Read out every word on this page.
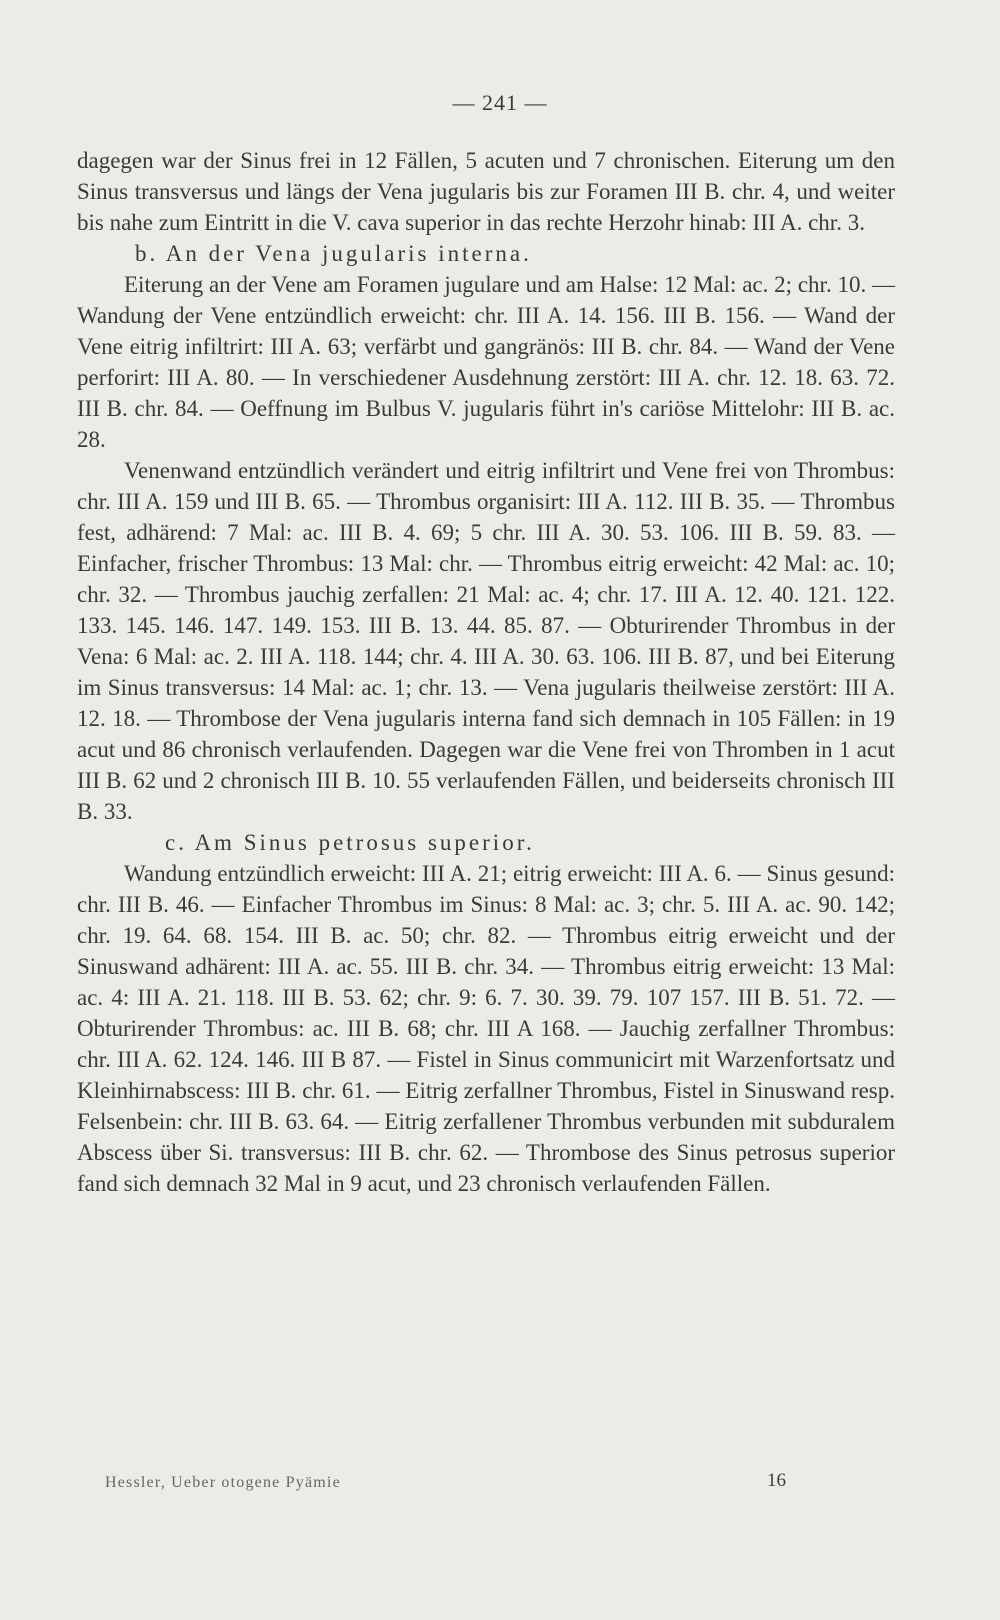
— 241 —

dagegen war der Sinus frei in 12 Fällen, 5 acuten und 7 chronischen. Eiterung um den Sinus transversus und längs der Vena jugularis bis zur Foramen III B. chr. 4, und weiter bis nahe zum Eintritt in die V. cava superior in das rechte Herzohr hinab: III A. chr. 3.

b. An der Vena jugularis interna.

Eiterung an der Vene am Foramen jugulare und am Halse: 12 Mal: ac. 2; chr. 10. — Wandung der Vene entzündlich erweicht: chr. III A. 14. 156. III B. 156. — Wand der Vene eitrig infiltrirt: III A. 63; verfärbt und gangränös: III B. chr. 84. — Wand der Vene perforirt: III A. 80. — In verschiedener Ausdehnung zerstört: III A. chr. 12. 18. 63. 72. III B. chr. 84. — Oeffnung im Bulbus V. jugularis führt in's cariöse Mittelohr: III B. ac. 28.

Venenwand entzündlich verändert und eitrig infiltrirt und Vene frei von Thrombus: chr. III A. 159 und III B. 65. — Thrombus organisirt: III A. 112. III B. 35. — Thrombus fest, adhärend: 7 Mal: ac. III B. 4. 69; 5 chr. III A. 30. 53. 106. III B. 59. 83. — Einfacher, frischer Thrombus: 13 Mal: chr. — Thrombus eitrig erweicht: 42 Mal: ac. 10; chr. 32. — Thrombus jauchig zerfallen: 21 Mal: ac. 4; chr. 17. III A. 12. 40. 121. 122. 133. 145. 146. 147. 149. 153. III B. 13. 44. 85. 87. — Obturirender Thrombus in der Vena: 6 Mal: ac. 2. III A. 118. 144; chr. 4. III A. 30. 63. 106. III B. 87, und bei Eiterung im Sinus transversus: 14 Mal: ac. 1; chr. 13. — Vena jugularis theilweise zerstört: III A. 12. 18. — Thrombose der Vena jugularis interna fand sich demnach in 105 Fällen: in 19 acut und 86 chronisch verlaufenden. Dagegen war die Vene frei von Thromben in 1 acut III B. 62 und 2 chronisch III B. 10. 55 verlaufenden Fällen, und beiderseits chronisch III B. 33.

c. Am Sinus petrosus superior.

Wandung entzündlich erweicht: III A. 21; eitrig erweicht: III A. 6. — Sinus gesund: chr. III B. 46. — Einfacher Thrombus im Sinus: 8 Mal: ac. 3; chr. 5. III A. ac. 90. 142; chr. 19. 64. 68. 154. III B. ac. 50; chr. 82. — Thrombus eitrig erweicht und der Sinuswand adhärent: III A. ac. 55. III B. chr. 34. — Thrombus eitrig erweicht: 13 Mal: ac. 4: III A. 21. 118. III B. 53. 62; chr. 9: 6. 7. 30. 39. 79. 107 157. III B. 51. 72. — Obturirender Thrombus: ac. III B. 68; chr. III A 168. — Jauchig zerfallner Thrombus: chr. III A. 62. 124. 146. III B 87. — Fistel in Sinus communicirt mit Warzenfortsatz und Kleinhirnabscess: III B. chr. 61. — Eitrig zerfallner Thrombus, Fistel in Sinuswand resp. Felsenbein: chr. III B. 63. 64. — Eitrig zerfallener Thrombus verbunden mit subduralem Abscess über Si. transversus: III B. chr. 62. — Thrombose des Sinus petrosus superior fand sich demnach 32 Mal in 9 acut, und 23 chronisch verlaufenden Fällen.

Hessler, Ueber otogene Pyämie	16
